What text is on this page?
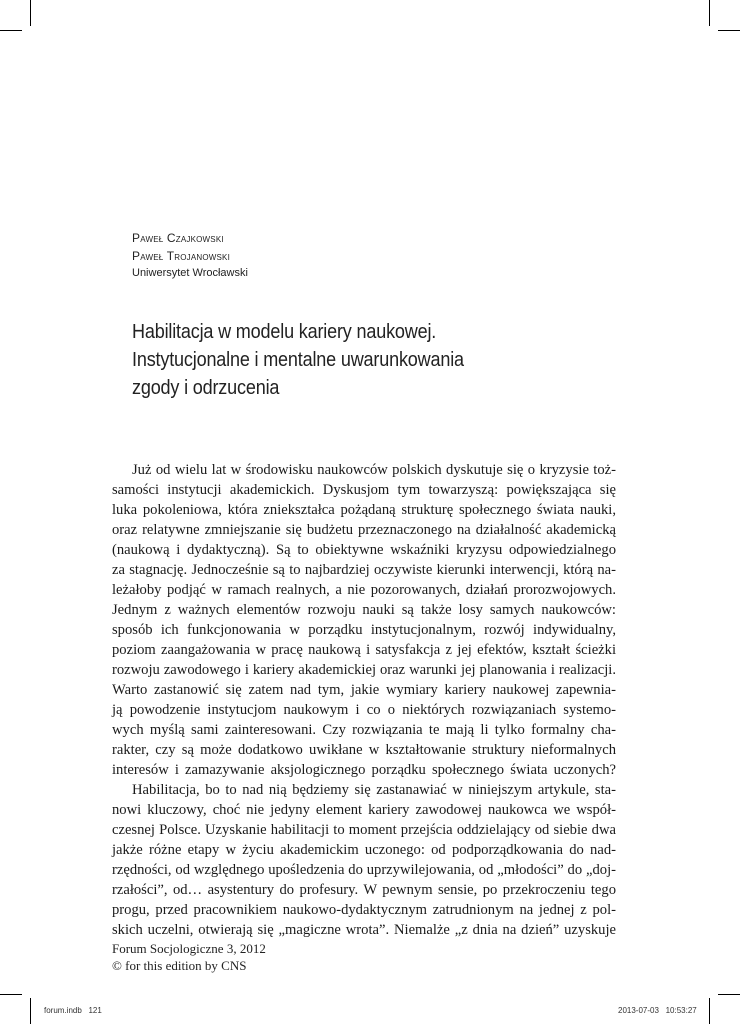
Paweł Czajkowski
Paweł Trojanowski
Uniwersytet Wrocławski
Habilitacja w modelu kariery naukowej.
Instytucjonalne i mentalne uwarunkowania
zgody i odrzucenia
Już od wielu lat w środowisku naukowców polskich dyskutuje się o kryzysie toż-
samości instytucji akademickich. Dyskusjom tym towarzyszą: powiększająca się
luka pokoleniowa, która zniekształca pożądaną strukturę społecznego świata nauki,
oraz relatywne zmniejszanie się budżetu przeznaczonego na działalność akademicką
(naukową i dydaktyczną). Są to obiektywne wskaźniki kryzysu odpowiedzialnego
za stagnację. Jednocześnie są to najbardziej oczywiste kierunki interwencji, którą na-
leżałoby podjąć w ramach realnych, a nie pozorowanych, działań prorozwojowych.
Jednym z ważnych elementów rozwoju nauki są także losy samych naukowców:
sposób ich funkcjonowania w porządku instytucjonalnym, rozwój indywidualny,
poziom zaangażowania w pracę naukową i satysfakcja z jej efektów, kształt ścieżki
rozwoju zawodowego i kariery akademickiej oraz warunki jej planowania i realizacji.
Warto zastanowić się zatem nad tym, jakie wymiary kariery naukowej zapewnia-
ją powodzenie instytucjom naukowym i co o niektórych rozwiązaniach systemo-
wych myślą sami zainteresowani. Czy rozwiązania te mają li tylko formalny cha-
rakter, czy są może dodatkowo uwikłane w kształtowanie struktury nieformalnych
interesów i zamazywanie aksjologicznego porządku społecznego świata uczonych?
Habilitacja, bo to nad nią będziemy się zastanawiać w niniejszym artykule, sta-
nowi kluczowy, choć nie jedyny element kariery zawodowej naukowca we współ-
czesnej Polsce. Uzyskanie habilitacji to moment przejścia oddzielający od siebie dwa
jakże różne etapy w życiu akademickim uczonego: od podporządkowania do nad-
rzędności, od względnego upośledzenia do uprzywilejowania, od „młodości” do „doj-
rzałości”, od… asystentury do profesury. W pewnym sensie, po przekroczeniu tego
progu, przed pracownikiem naukowo-dydaktycznym zatrudnionym na jednej z pol-
skich uczelni, otwierają się „magiczne wrota”. Niemalże „z dnia na dzień” uzyskuje
Forum Socjologiczne 3, 2012
© for this edition by CNS
forum.indb   121	2013-07-03   10:53:27
